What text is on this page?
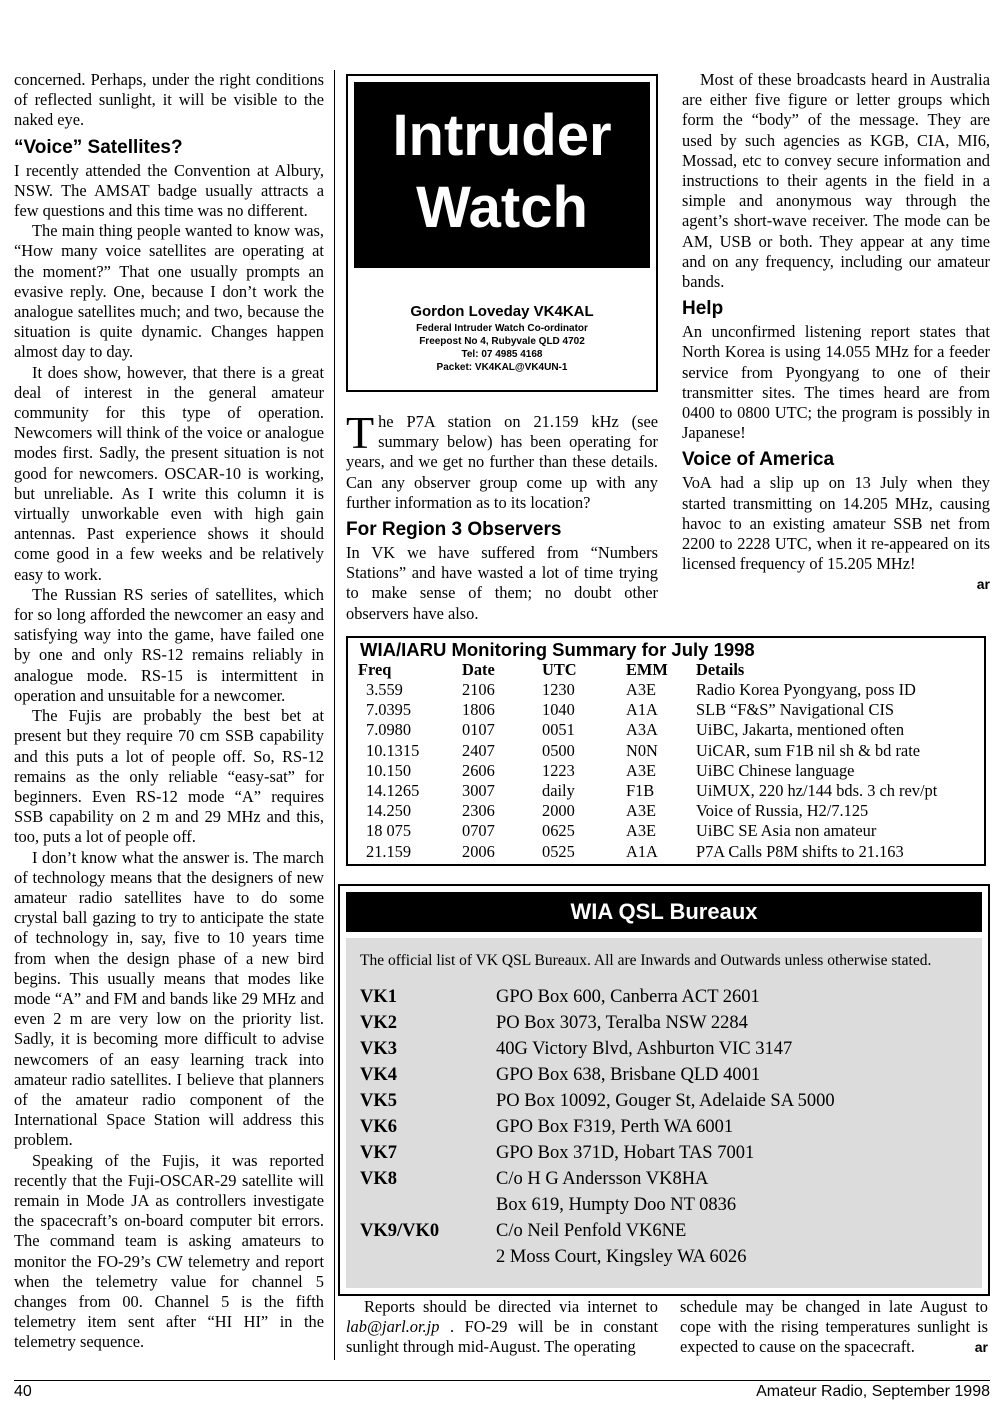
concerned. Perhaps, under the right conditions of reflected sunlight, it will be visible to the naked eye.

“Voice” Satellites?

I recently attended the Convention at Albury, NSW. The AMSAT badge usually attracts a few questions and this time was no different.

The main thing people wanted to know was, “How many voice satellites are operating at the moment?” That one usually prompts an evasive reply. One, because I don’t work the analogue satellites much; and two, because the situation is quite dynamic. Changes happen almost day to day.

It does show, however, that there is a great deal of interest in the general amateur community for this type of operation. Newcomers will think of the voice or analogue modes first. Sadly, the present situation is not good for newcomers. OSCAR-10 is working, but unreliable. As I write this column it is virtually unworkable even with high gain antennas. Past experience shows it should come good in a few weeks and be relatively easy to work.

The Russian RS series of satellites, which for so long afforded the newcomer an easy and satisfying way into the game, have failed one by one and only RS-12 remains reliably in analogue mode. RS-15 is intermittent in operation and unsuitable for a newcomer.

The Fujis are probably the best bet at present but they require 70 cm SSB capability and this puts a lot of people off. So, RS-12 remains as the only reliable “easy-sat” for beginners. Even RS-12 mode “A” requires SSB capability on 2 m and 29 MHz and this, too, puts a lot of people off.

I don’t know what the answer is. The march of technology means that the designers of new amateur radio satellites have to do some crystal ball gazing to try to anticipate the state of technology in, say, five to 10 years time from when the design phase of a new bird begins. This usually means that modes like mode “A” and FM and bands like 29 MHz and even 2 m are very low on the priority list. Sadly, it is becoming more difficult to advise newcomers of an easy learning track into amateur radio satellites. I believe that planners of the amateur radio component of the International Space Station will address this problem.

Speaking of the Fujis, it was reported recently that the Fuji-OSCAR-29 satellite will remain in Mode JA as controllers investigate the spacecraft’s on-board computer bit errors. The command team is asking amateurs to monitor the FO-29’s CW telemetry and report when the telemetry value for channel 5 changes from 00. Channel 5 is the fifth telemetry item sent after “HI HI” in the telemetry sequence.

Intruder
Watch
Gordon Loveday VK4KAL
Federal Intruder Watch Co-ordinator
Freepost No 4, Rubyvale QLD 4702
Tel: 07 4985 4168
Packet: VK4KAL@VK4UN-1

The P7A station on 21.159 kHz (see summary below) has been operating for years, and we get no further than these details. Can any observer group come up with any further information as to its location?

For Region 3 Observers

In VK we have suffered from “Numbers Stations” and have wasted a lot of time trying to make sense of them; no doubt other observers have also.

Most of these broadcasts heard in Australia are either five figure or letter groups which form the “body” of the message. They are used by such agencies as KGB, CIA, MI6, Mossad, etc to convey secure information and instructions to their agents in the field in a simple and anonymous way through the agent’s short-wave receiver. The mode can be AM, USB or both. They appear at any time and on any frequency, including our amateur bands.

Help

An unconfirmed listening report states that North Korea is using 14.055 MHz for a feeder service from Pyongyang to one of their transmitter sites. The times heard are from 0400 to 0800 UTC; the program is possibly in Japanese!

Voice of America

VoA had a slip up on 13 July when they started transmitting on 14.205 MHz, causing havoc to an existing amateur SSB net from 2200 to 2228 UTC, when it re-appeared on its licensed frequency of 15.205 MHz!

ar
WIA/IARU Monitoring Summary for July 1998
Freq	Date	UTC	EMM	Details
3.559	2106	1230	A3E	Radio Korea Pyongyang, poss ID
7.0395	1806	1040	A1A	SLB “F&S” Navigational CIS
7.0980	0107	0051	A3A	UiBC, Jakarta, mentioned often
10.1315	2407	0500	N0N	UiCAR, sum F1B nil sh & bd rate
10.150	2606	1223	A3E	UiBC Chinese language
14.1265	3007	daily	F1B	UiMUX, 220 hz/144 bds. 3 ch rev/pt
14.250	2306	2000	A3E	Voice of Russia, H2/7.125
18 075	0707	0625	A3E	UiBC SE Asia non amateur
21.159	2006	0525	A1A	P7A Calls P8M shifts to 21.163
WIA QSL Bureaux
The official list of VK QSL Bureaux. All are Inwards and Outwards unless otherwise stated.
VK1	GPO Box 600, Canberra ACT 2601
VK2	PO Box 3073, Teralba NSW 2284
VK3	40G Victory Blvd, Ashburton VIC 3147
VK4	GPO Box 638, Brisbane QLD 4001
VK5	PO Box 10092, Gouger St, Adelaide SA 5000
VK6	GPO Box F319, Perth WA 6001
VK7	GPO Box 371D, Hobart TAS 7001
VK8	C/o H G Andersson VK8HA
	Box 619, Humpty Doo NT 0836
VK9/VK0	C/o Neil Penfold VK6NE
	2 Moss Court, Kingsley WA 6026

Reports should be directed via internet to lab@jarl.or.jp . FO-29 will be in constant sunlight through mid-August. The operating

schedule may be changed in late August to cope with the rising temperatures sunlight is expected to cause on the spacecraft.	ar

40	Amateur Radio, September 1998
